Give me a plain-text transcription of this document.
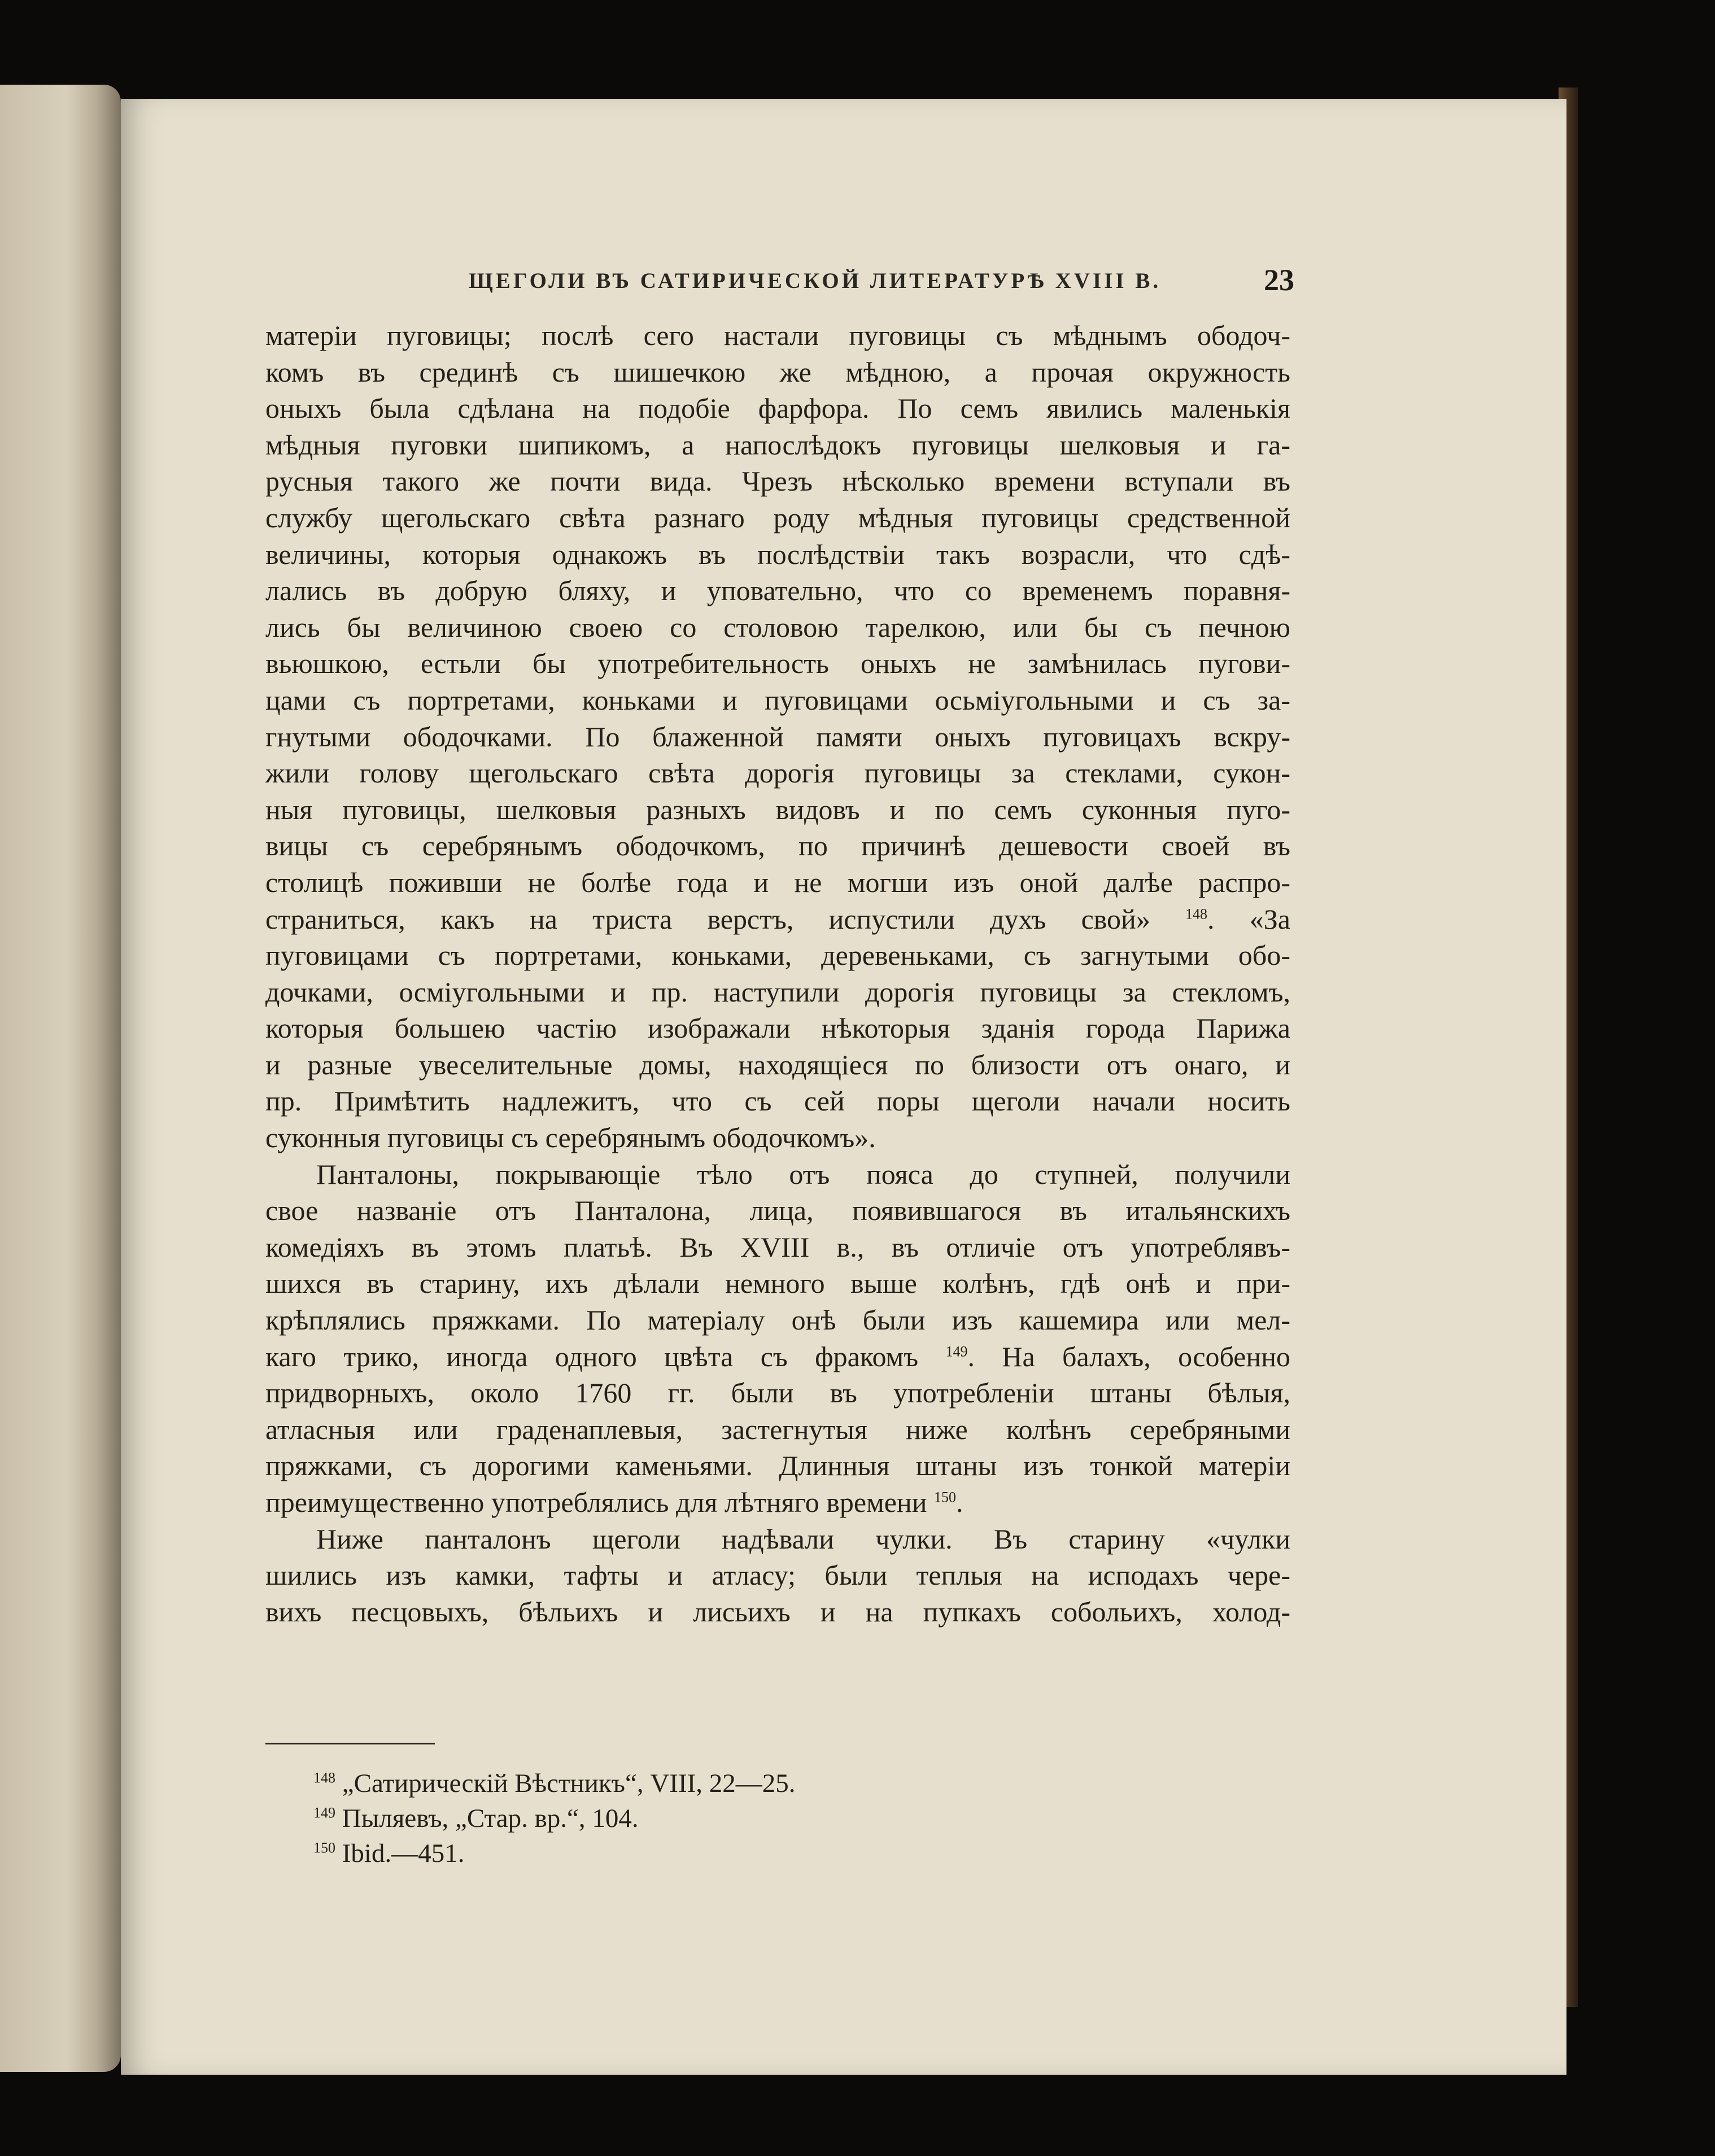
ЩЕГОЛИ ВЪ САТИРИЧЕСКОЙ ЛИТЕРАТУРѢ XVIII В.	23
матеріи пуговицы; послѣ сего настали пуговицы съ мѣднымъ ободоч-
комъ въ срединѣ съ шишечкою же мѣдною, а прочая окружность
оныхъ была сдѣлана на подобіе фарфора. По семъ явились маленькія
мѣдныя пуговки шипикомъ, а напослѣдокъ пуговицы шелковыя и га-
русныя такого же почти вида. Чрезъ нѣсколько времени вступали въ
службу щегольскаго свѣта разнаго роду мѣдныя пуговицы средственной
величины, которыя однакожъ въ послѣдствіи такъ возрасли, что сдѣ-
лались въ добрую бляху, и уповательно, что со временемъ поравня-
лись бы величиною своею со столовою тарелкою, или бы съ печною
вьюшкою, естьли бы употребительность оныхъ не замѣнилась пугови-
цами съ портретами, коньками и пуговицами осьміугольными и съ за-
гнутыми ободочками. По блаженной памяти оныхъ пуговицахъ вскру-
жили голову щегольскаго свѣта дорогія пуговицы за стеклами, сукон-
ныя пуговицы, шелковыя разныхъ видовъ и по семъ суконныя пуго-
вицы съ серебрянымъ ободочкомъ, по причинѣ дешевости своей въ
столицѣ поживши не болѣе года и не могши изъ оной далѣе распро-
страниться, какъ на триста верстъ, испустили духъ свой» $^{148}$. «За
пуговицами съ портретами, коньками, деревеньками, съ загнутыми обо-
дочками, осміугольными и пр. наступили дорогія пуговицы за стекломъ,
которыя большею частію изображали нѣкоторыя зданія города Парижа
и разные увеселительные домы, находящіеся по близости отъ онаго, и
пр. Примѣтить надлежитъ, что съ сей поры щеголи начали носить
суконныя пуговицы съ серебрянымъ ободочкомъ».
Панталоны, покрывающіе тѣло отъ пояса до ступней, получили
свое названіе отъ Панталона, лица, появившагося въ итальянскихъ
комедіяхъ въ этомъ платьѣ. Въ XVIII в., въ отличіе отъ употреблявъ-
шихся въ старину, ихъ дѣлали немного выше колѣнъ, гдѣ онѣ и при-
крѣплялись пряжками. По матеріалу онѣ были изъ кашемира или мел-
каго трико, иногда одного цвѣта съ фракомъ $^{149}$. На балахъ, особенно
придворныхъ, около 1760 гг. были въ употребленіи штаны бѣлыя,
атласныя или граденаплевыя, застегнутыя ниже колѣнъ серебряными
пряжками, съ дорогими каменьями. Длинныя штаны изъ тонкой матеріи
преимущественно употреблялись для лѣтняго времени $^{150}$.
Ниже панталонъ щеголи надѣвали чулки. Въ старину «чулки
шились изъ камки, тафты и атласу; были теплыя на исподахъ чере-
вихъ песцовыхъ, бѣльихъ и лисьихъ и на пупкахъ собольихъ, холод-
$^{148}$ „Сатирическій Вѣстникъ“, VIII, 22—25.
$^{149}$ Пыляевъ, „Стар. вр.“, 104.
$^{150}$ Ibid.—451.
